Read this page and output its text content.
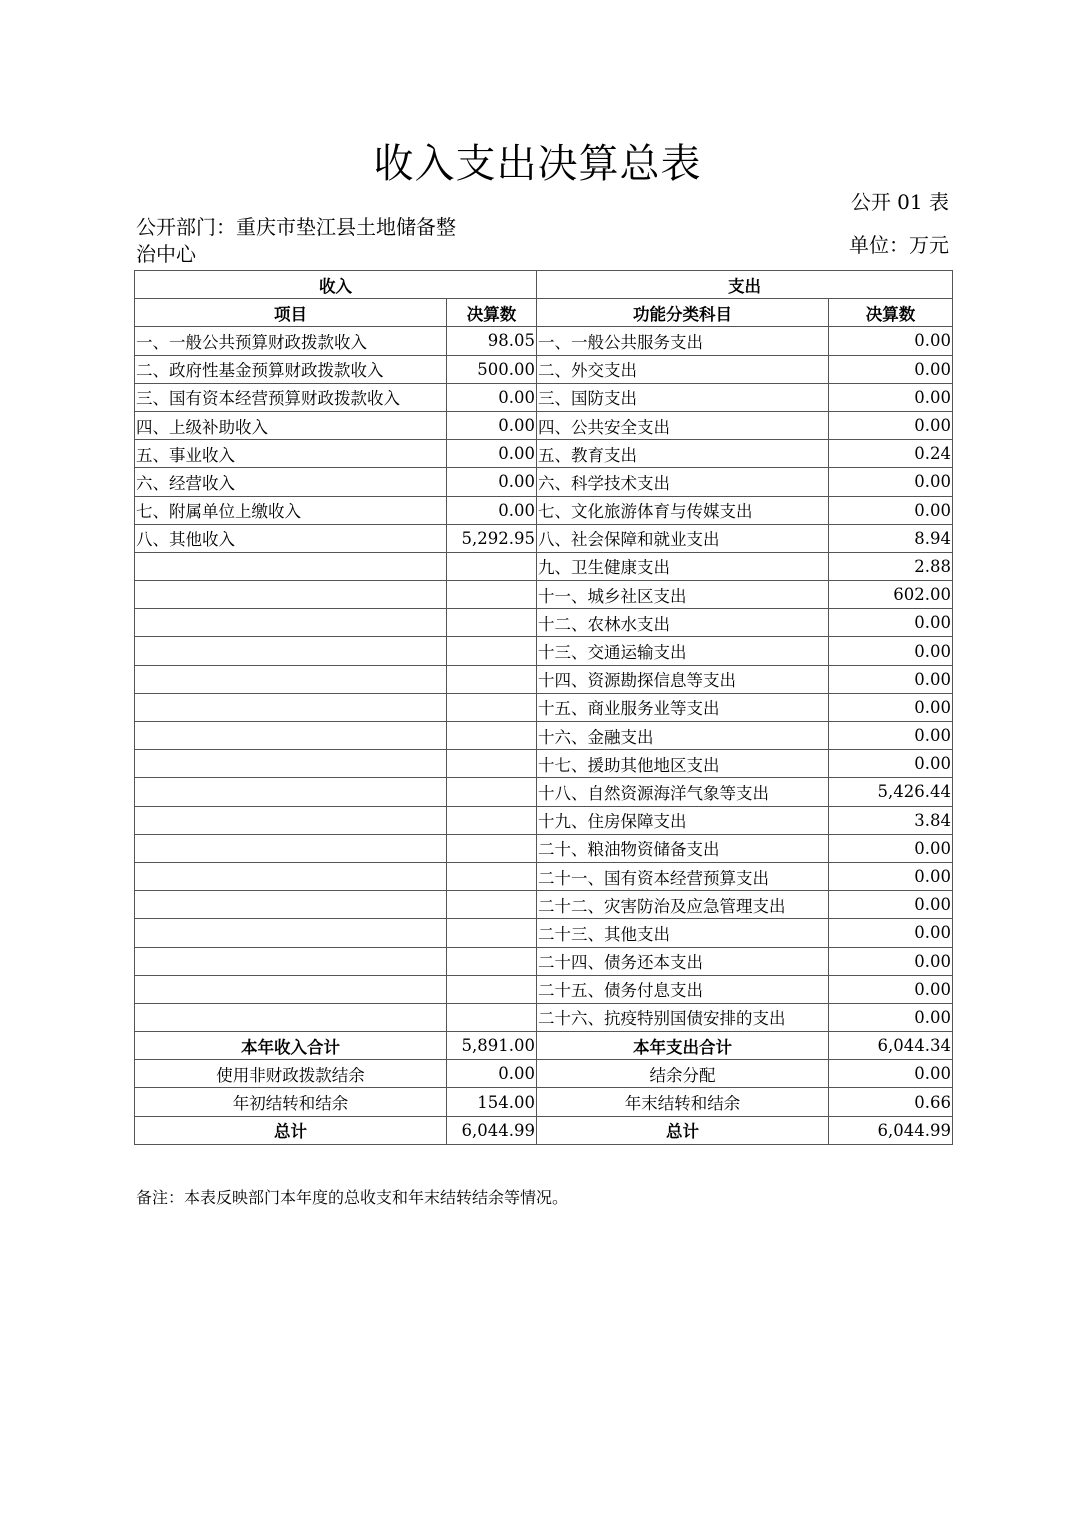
收入支出决算总表
公开 01 表
公开部门：重庆市垫江县土地储备整治中心	单位：万元
收入		支出	
项目	决算数	功能分类科目	决算数
一、一般公共预算财政拨款收入	98.05	一、一般公共服务支出	0.00
二、政府性基金预算财政拨款收入	500.00	二、外交支出	0.00
三、国有资本经营预算财政拨款收入	0.00	三、国防支出	0.00
四、上级补助收入	0.00	四、公共安全支出	0.00
五、事业收入	0.00	五、教育支出	0.24
六、经营收入	0.00	六、科学技术支出	0.00
七、附属单位上缴收入	0.00	七、文化旅游体育与传媒支出	0.00
八、其他收入	5,292.95	八、社会保障和就业支出	8.94
		九、卫生健康支出	2.88
		十一、城乡社区支出	602.00
		十二、农林水支出	0.00
		十三、交通运输支出	0.00
		十四、资源勘探信息等支出	0.00
		十五、商业服务业等支出	0.00
		十六、金融支出	0.00
		十七、援助其他地区支出	0.00
		十八、自然资源海洋气象等支出	5,426.44
		十九、住房保障支出	3.84
		二十、粮油物资储备支出	0.00
		二十一、国有资本经营预算支出	0.00
		二十二、灾害防治及应急管理支出	0.00
		二十三、其他支出	0.00
		二十四、债务还本支出	0.00
		二十五、债务付息支出	0.00
		二十六、抗疫特别国债安排的支出	0.00
本年收入合计	5,891.00	本年支出合计	6,044.34
使用非财政拨款结余	0.00	结余分配	0.00
年初结转和结余	154.00	年末结转和结余	0.66
总计	6,044.99	总计	6,044.99
备注：本表反映部门本年度的总收支和年末结转结余等情况。
